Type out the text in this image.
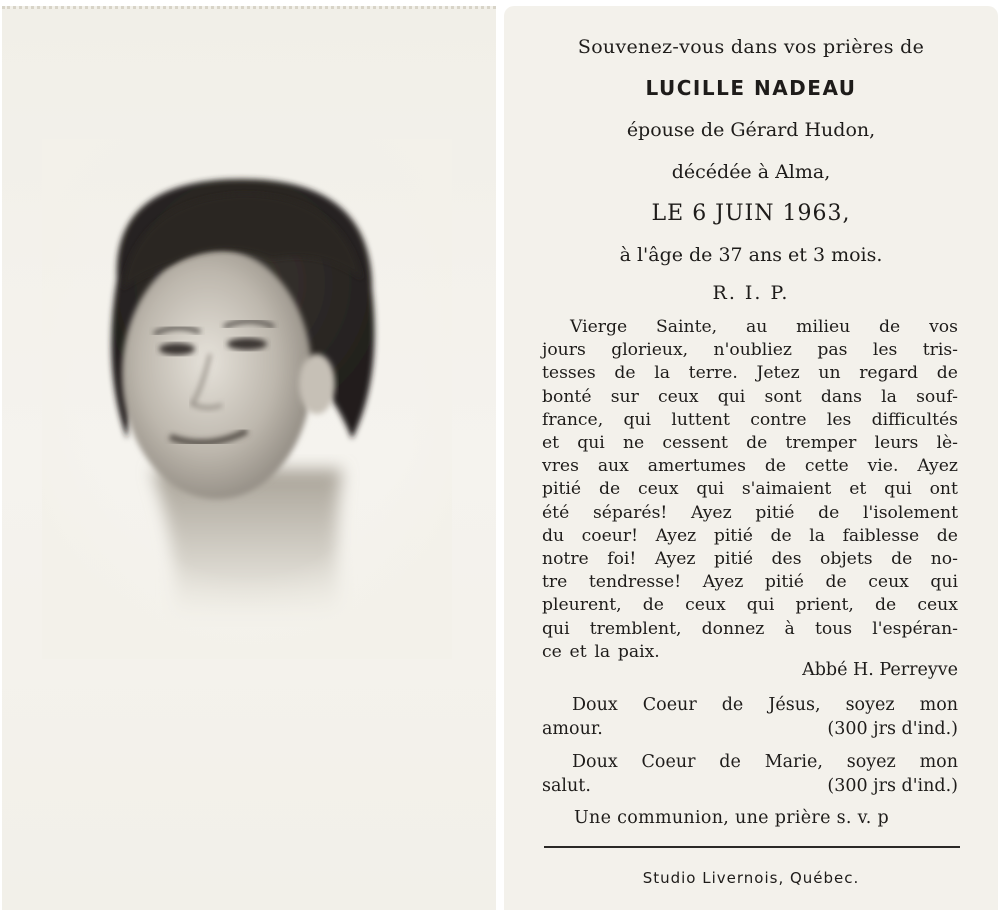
Souvenez-vous dans vos prières de
LUCILLE NADEAU
épouse de Gérard Hudon,
décédée à Alma,
LE 6 JUIN 1963,
à l'âge de 37 ans et 3 mois.
R. I. P.
Vierge Sainte, au milieu de vos
jours glorieux, n'oubliez pas les tris-
tesses de la terre. Jetez un regard de
bonté sur ceux qui sont dans la souf-
france, qui luttent contre les difficultés
et qui ne cessent de tremper leurs lè-
vres aux amertumes de cette vie. Ayez
pitié de ceux qui s'aimaient et qui ont
été séparés! Ayez pitié de l'isolement
du coeur! Ayez pitié de la faiblesse de
notre foi! Ayez pitié des objets de no-
tre tendresse! Ayez pitié de ceux qui
pleurent, de ceux qui prient, de ceux
qui tremblent, donnez à tous l'espéran-
ce et la paix.
Abbé H. Perreyve
Doux Coeur de Jésus, soyez mon
amour.	(300 jrs d'ind.)
Doux Coeur de Marie, soyez mon
salut.	(300 jrs d'ind.)
Une communion, une prière s. v. p
Studio Livernois, Québec.
